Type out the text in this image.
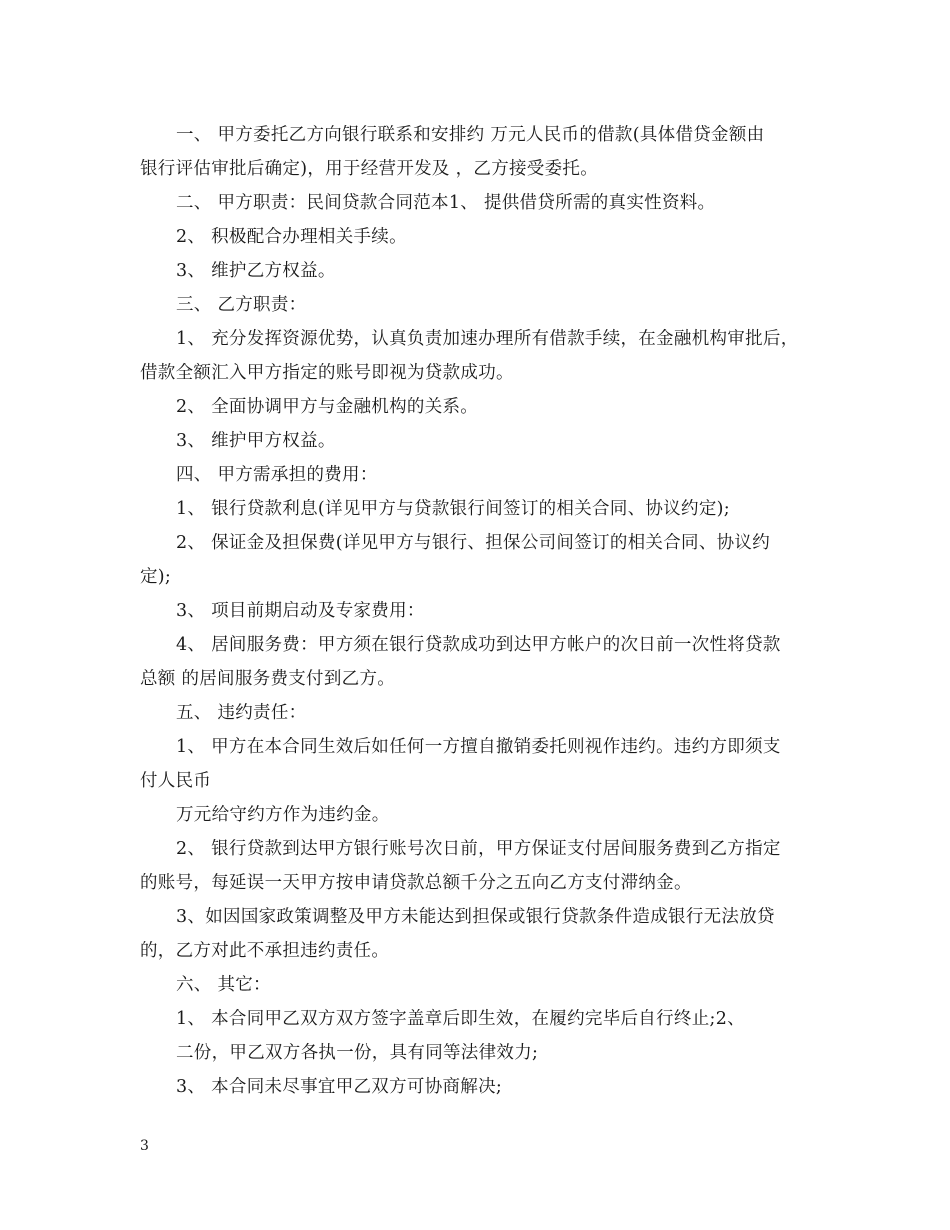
一、 甲方委托乙方向银行联系和安排约 万元人民币的借款(具体借贷金额由
银行评估审批后确定)，用于经营开发及 ，乙方接受委托。
二、 甲方职责：民间贷款合同范本1、 提供借贷所需的真实性资料。
2、 积极配合办理相关手续。
3、 维护乙方权益。
三、 乙方职责：
1、 充分发挥资源优势，认真负责加速办理所有借款手续，在金融机构审批后，
借款全额汇入甲方指定的账号即视为贷款成功。
2、 全面协调甲方与金融机构的关系。
3、 维护甲方权益。
四、 甲方需承担的费用：
1、 银行贷款利息(详见甲方与贷款银行间签订的相关合同、协议约定);
2、 保证金及担保费(详见甲方与银行、担保公司间签订的相关合同、协议约
定);
3、 项目前期启动及专家费用：
4、 居间服务费：甲方须在银行贷款成功到达甲方帐户的次日前一次性将贷款
总额 的居间服务费支付到乙方。
五、 违约责任：
1、 甲方在本合同生效后如任何一方擅自撤销委托则视作违约。违约方即须支
付人民币
万元给守约方作为违约金。
2、 银行贷款到达甲方银行账号次日前，甲方保证支付居间服务费到乙方指定
的账号，每延误一天甲方按申请贷款总额千分之五向乙方支付滞纳金。
3、如因国家政策调整及甲方未能达到担保或银行贷款条件造成银行无法放贷
的，乙方对此不承担违约责任。
六、 其它：
1、 本合同甲乙双方双方签字盖章后即生效，在履约完毕后自行终止;2、
二份，甲乙双方各执一份，具有同等法律效力;
3、 本合同未尽事宜甲乙双方可协商解决;
3
